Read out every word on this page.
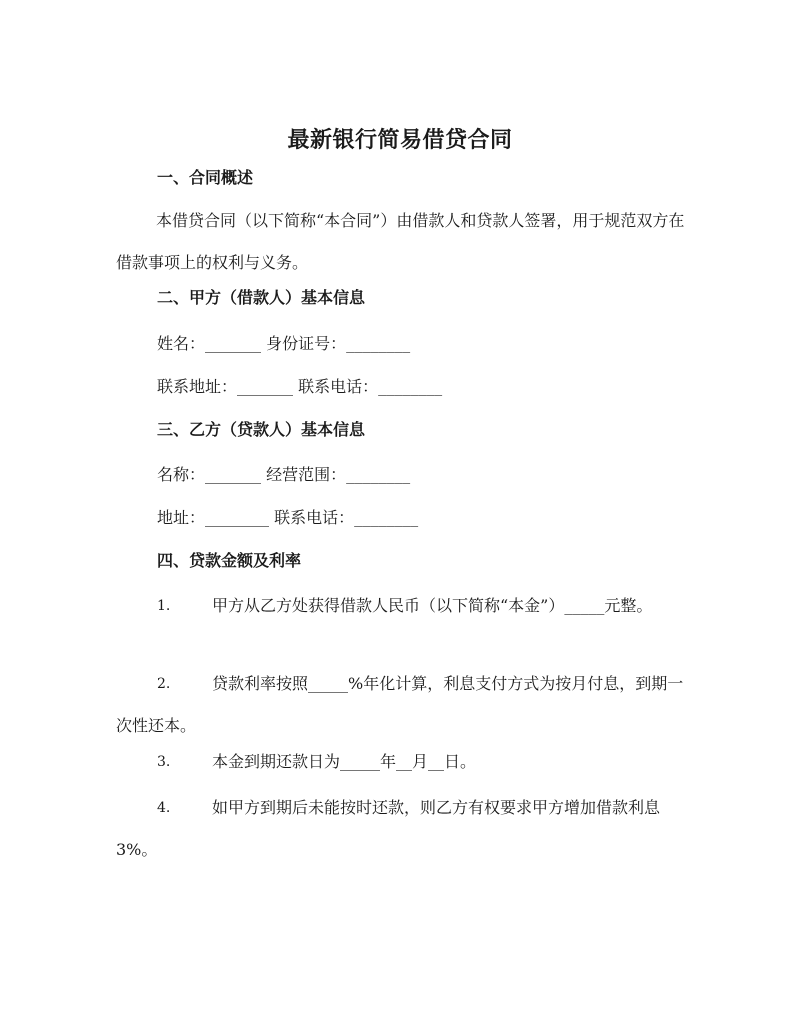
最新银行简易借贷合同
一、合同概述
本借贷合同（以下简称“本合同”）由借款人和贷款人签署，用于规范双方在借款事项上的权利与义务。
二、甲方（借款人）基本信息
姓名：_______ 身份证号：________
联系地址：_______ 联系电话：________
三、乙方（贷款人）基本信息
名称：_______ 经营范围：________
地址：________ 联系电话：________
四、贷款金额及利率
1.	甲方从乙方处获得借款人民币（以下简称“本金”）_____元整。
2.	贷款利率按照_____%年化计算，利息支付方式为按月付息，到期一次性还本。
3.	本金到期还款日为_____年__月__日。
4.	如甲方到期后未能按时还款，则乙方有权要求甲方增加借款利息3%。
